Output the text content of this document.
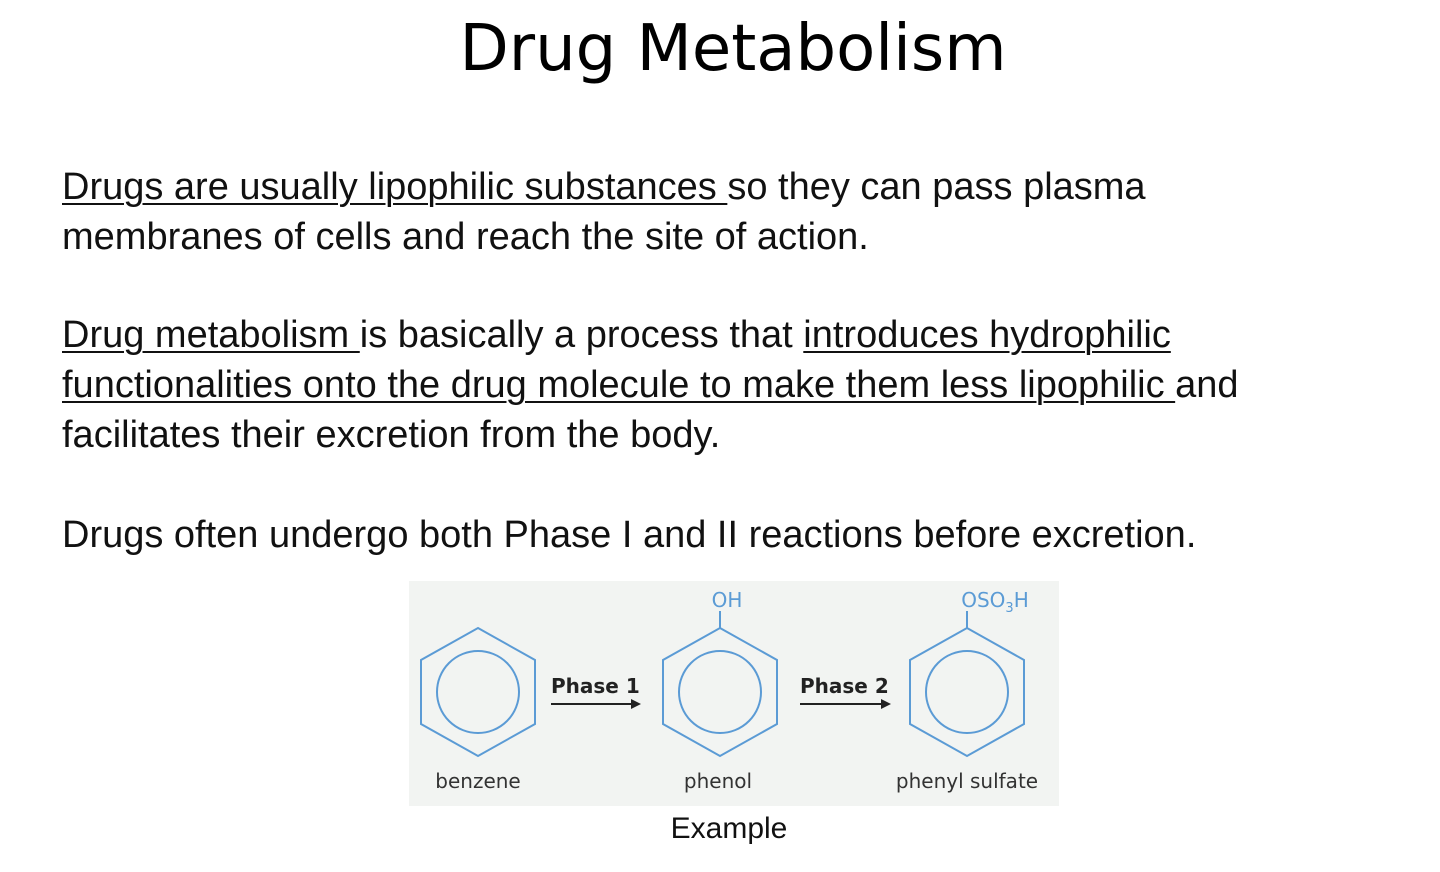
Drug Metabolism

Drugs are usually lipophilic substances so they can pass plasma
membranes of cells and reach the site of action.

Drug metabolism is basically a process that introduces hydrophilic
functionalities onto the drug molecule to make them less lipophilic and
facilitates their excretion from the body.

Drugs often undergo both Phase I and II reactions before excretion.

Phase 1
OH
Phase 2
$OSO_3H$
benzene	phenol	phenyl sulfate

Example
